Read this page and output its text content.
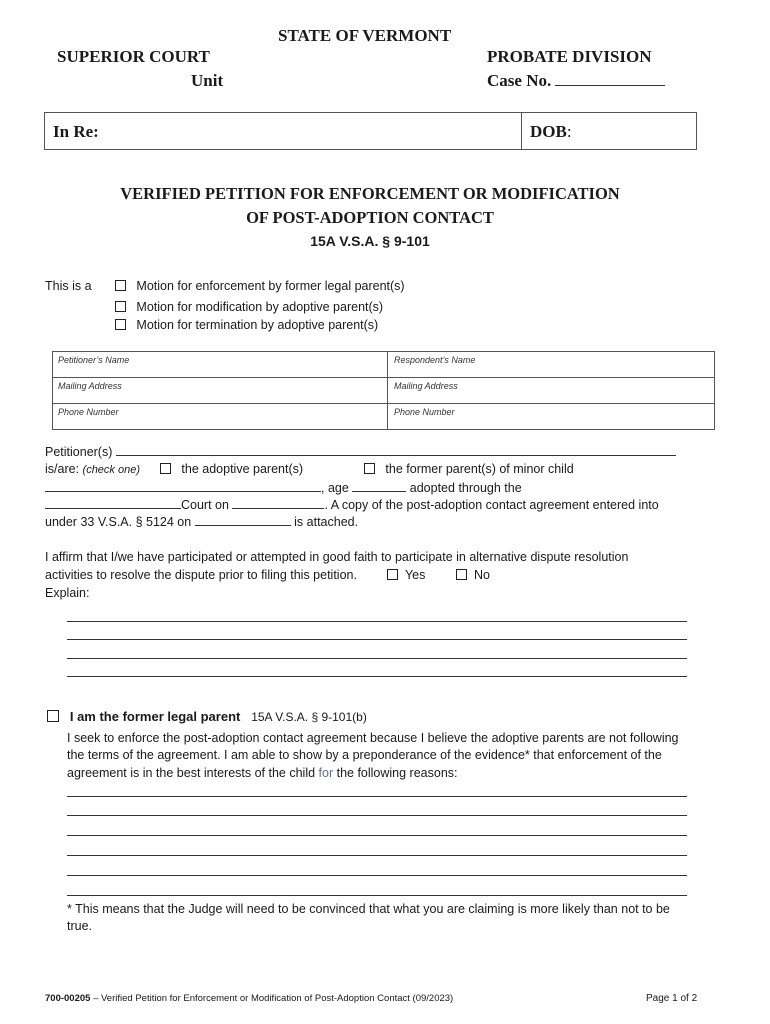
STATE OF VERMONT
SUPERIOR COURT
Unit
PROBATE DIVISION
Case No.
In Re:	DOB:
VERIFIED PETITION FOR ENFORCEMENT OR MODIFICATION
OF POST-ADOPTION CONTACT
15A V.S.A. § 9-101
This is a	Motion for enforcement by former legal parent(s)
Motion for modification by adoptive parent(s)
Motion for termination by adoptive parent(s)
Petitioner’s Name	Respondent’s Name
Mailing Address	Mailing Address
Phone Number	Phone Number
Petitioner(s)
is/are: (check one)	the adoptive parent(s)	the former parent(s) of minor child
, age	adopted through the
Court on	. A copy of the post-adoption contact agreement entered into
under 33 V.S.A. § 5124 on	is attached.
I affirm that I/we have participated or attempted in good faith to participate in alternative dispute resolution
activities to resolve the dispute prior to filing this petition.	Yes	No
Explain:
I am the former legal parent 15A V.S.A. § 9-101(b)
I seek to enforce the post-adoption contact agreement because I believe the adoptive parents are not following
the terms of the agreement. I am able to show by a preponderance of the evidence* that enforcement of the
agreement is in the best interests of the child for the following reasons:
* This means that the Judge will need to be convinced that what you are claiming is more likely than not to be
true.
700-00205 – Verified Petition for Enforcement or Modification of Post-Adoption Contact (09/2023)	Page 1 of 2
